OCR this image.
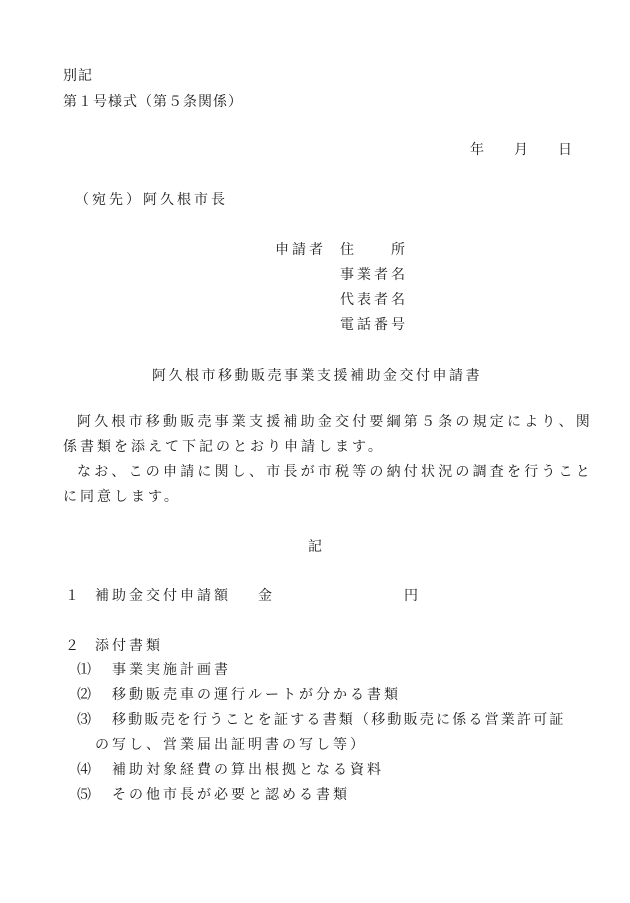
別記
第１号様式（第５条関係）
年　月　日
（宛先）阿久根市長
申請者 住　　所
事業者名
代表者名
電話番号
阿久根市移動販売事業支援補助金交付申請書
阿久根市移動販売事業支援補助金交付要綱第５条の規定により、関
係書類を添えて下記のとおり申請します。
なお、この申請に関し、市長が市税等の納付状況の調査を行うこと
に同意します。
記
１ 補助金交付申請額 金	円
２ 添付書類
⑴ 事業実施計画書
⑵ 移動販売車の運行ルートが分かる書類
⑶ 移動販売を行うことを証する書類（移動販売に係る営業許可証
の写し、営業届出証明書の写し等）
⑷ 補助対象経費の算出根拠となる資料
⑸ その他市長が必要と認める書類
